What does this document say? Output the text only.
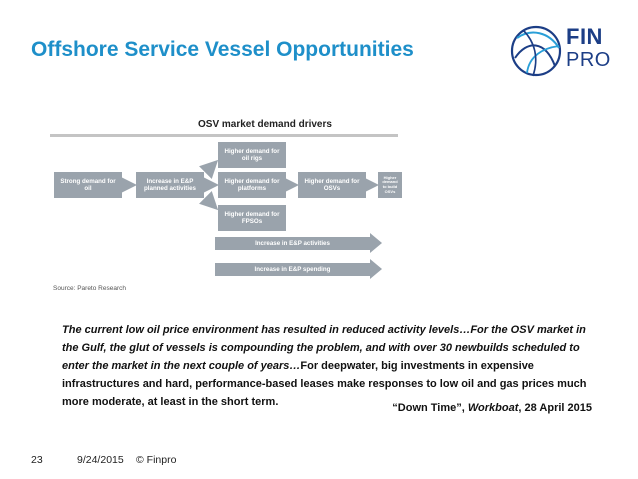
Offshore Service Vessel Opportunities
FIN
PRO
OSV market demand drivers
Strong demand for oil
Increase in E&P planned activities
Higher demand for oil rigs
Higher demand for platforms
Higher demand for FPSOs
Higher demand for OSVs
Higher demand to build OSVs
Increase in E&P activities
Increase in E&P spending
Source: Pareto Research
The current low oil price environment has resulted in reduced activity levels…For the OSV market in the Gulf, the glut of vessels is compounding the problem, and with over 30 newbuilds scheduled to enter the market in the next couple of years…For deepwater, big investments in expensive infrastructures and hard, performance-based leases make responses to low oil and gas prices much more moderate, at least in the short term.	“Down Time”, Workboat, 28 April 2015
23	9/24/2015 © Finpro
